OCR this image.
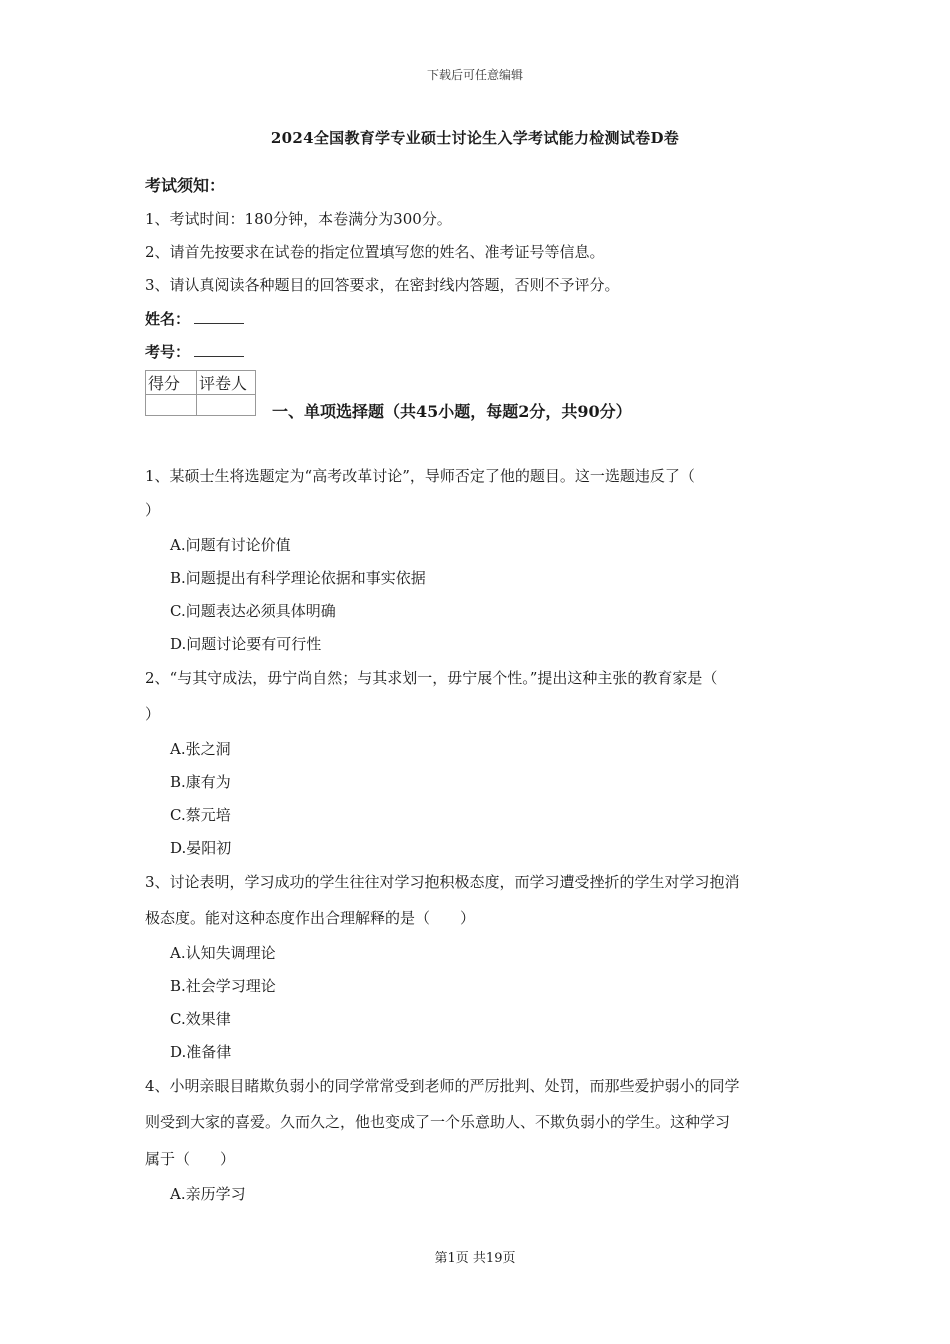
下载后可任意编辑
2024全国教育学专业硕士讨论生入学考试能力检测试卷D卷
考试须知：
1、考试时间：180分钟，本卷满分为300分。
2、请首先按要求在试卷的指定位置填写您的姓名、准考证号等信息。
3、请认真阅读各种题目的回答要求，在密封线内答题，否则不予评分。
姓名：
考号：
得分	评卷人

一、单项选择题（共45小题，每题2分，共90分）
1、某硕士生将选题定为“高考改革讨论”，导师否定了他的题目。这一选题违反了（
）
A.问题有讨论价值
B.问题提出有科学理论依据和事实依据
C.问题表达必须具体明确
D.问题讨论要有可行性
2、“与其守成法，毋宁尚自然；与其求划一，毋宁展个性。”提出这种主张的教育家是（
）
A.张之洞
B.康有为
C.蔡元培
D.晏阳初
3、讨论表明，学习成功的学生往往对学习抱积极态度，而学习遭受挫折的学生对学习抱消
极态度。能对这种态度作出合理解释的是（　　）
A.认知失调理论
B.社会学习理论
C.效果律
D.准备律
4、小明亲眼目睹欺负弱小的同学常常受到老师的严厉批判、处罚，而那些爱护弱小的同学
则受到大家的喜爱。久而久之，他也变成了一个乐意助人、不欺负弱小的学生。这种学习
属于（　　）
A.亲历学习
第1页 共19页
